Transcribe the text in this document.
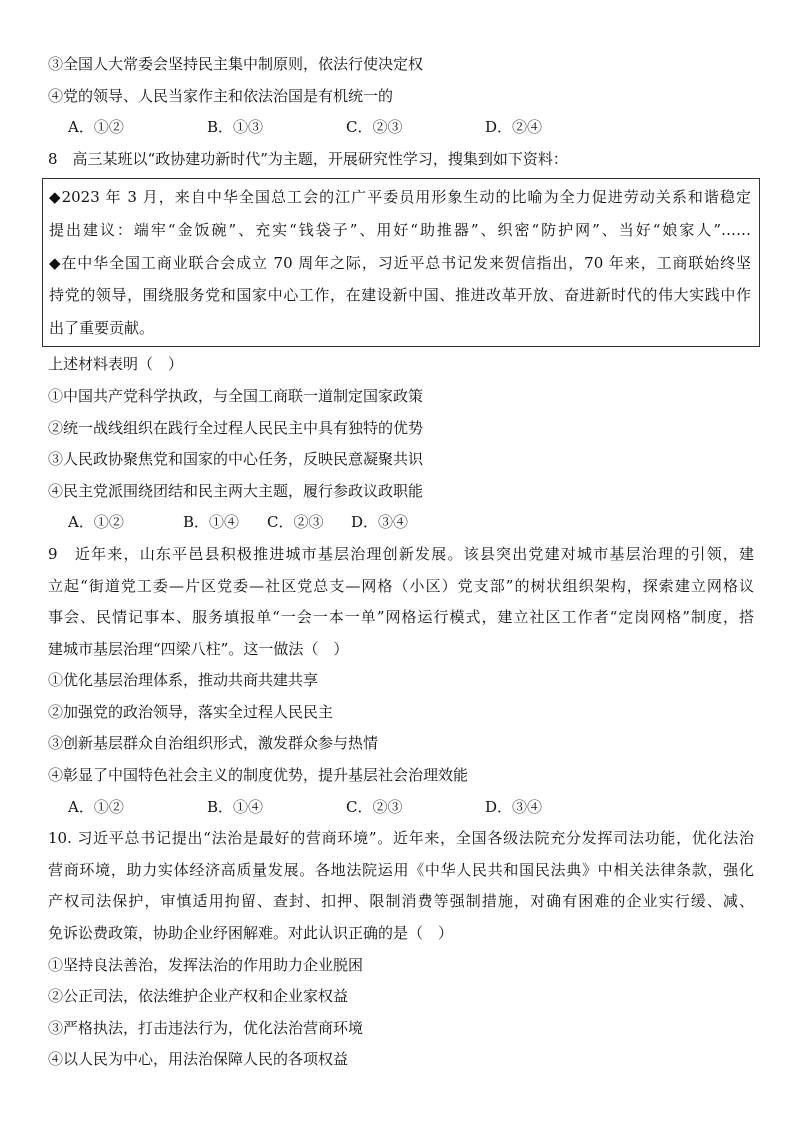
③全国人大常委会坚持民主集中制原则，依法行使决定权
④党的领导、人民当家作主和依法治国是有机统一的
A．①②	B．①③	C．②③	D．②④
8　高三某班以“政协建功新时代”为主题，开展研究性学习，搜集到如下资料：
◆2023 年 3 月，来自中华全国总工会的江广平委员用形象生动的比喻为全力促进劳动关系和谐稳定
提出建议：端牢“金饭碗”、充实“钱袋子”、用好“助推器”、织密“防护网”、当好“娘家人”……
◆在中华全国工商业联合会成立 70 周年之际，习近平总书记发来贺信指出，70 年来，工商联始终坚
持党的领导，围绕服务党和国家中心工作，在建设新中国、推进改革开放、奋进新时代的伟大实践中作
出了重要贡献。
上述材料表明（　）
①中国共产党科学执政，与全国工商联一道制定国家政策
②统一战线组织在践行全过程人民民主中具有独特的优势
③人民政协聚焦党和国家的中心任务，反映民意凝聚共识
④民主党派围绕团结和民主两大主题，履行参政议政职能
A．①②	B．①④	C．②③	D．③④
9　近年来，山东平邑县积极推进城市基层治理创新发展。该县突出党建对城市基层治理的引领，建
立起“街道党工委—片区党委—社区党总支—网格（小区）党支部”的树状组织架构，探索建立网格议
事会、民情记事本、服务填报单“一会一本一单”网格运行模式，建立社区工作者“定岗网格”制度，搭
建城市基层治理“四梁八柱”。这一做法（　）
①优化基层治理体系，推动共商共建共享
②加强党的政治领导，落实全过程人民民主
③创新基层群众自治组织形式，激发群众参与热情
④彰显了中国特色社会主义的制度优势，提升基层社会治理效能
A．①②	B．①④	C．②③	D．③④
10. 习近平总书记提出“法治是最好的营商环境”。近年来，全国各级法院充分发挥司法功能，优化法治
营商环境，助力实体经济高质量发展。各地法院运用《中华人民共和国民法典》中相关法律条款，强化
产权司法保护，审慎适用拘留、查封、扣押、限制消费等强制措施，对确有困难的企业实行缓、减、
免诉讼费政策，协助企业纾困解难。对此认识正确的是（　）
①坚持良法善治，发挥法治的作用助力企业脱困
②公正司法，依法维护企业产权和企业家权益
③严格执法，打击违法行为，优化法治营商环境
④以人民为中心，用法治保障人民的各项权益
